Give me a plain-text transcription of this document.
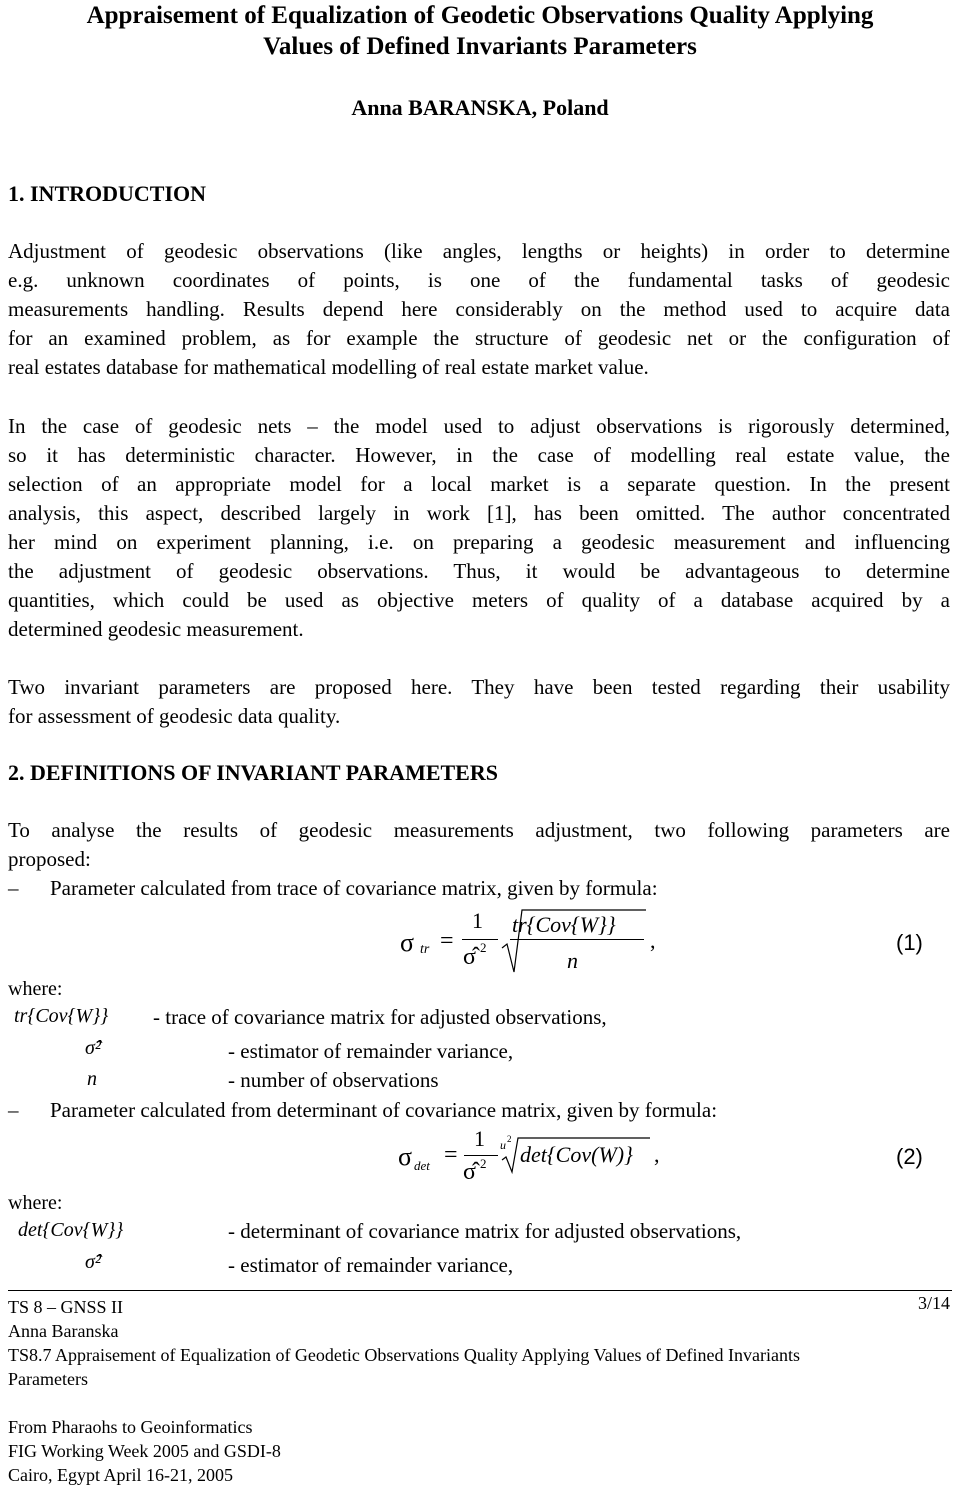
Appraisement of Equalization of Geodetic Observations Quality Applying
Values of Defined Invariants Parameters
Anna BARANSKA, Poland
1. INTRODUCTION
Adjustment of geodesic observations (like angles, lengths or heights) in order to determine
e.g. unknown coordinates of points, is one of the fundamental tasks of geodesic
measurements handling. Results depend here considerably on the method used to acquire data
for an examined problem, as for example the structure of geodesic net or the configuration of
real estates database for mathematical modelling of real estate market value.
In the case of geodesic nets – the model used to adjust observations is rigorously determined,
so it has deterministic character. However, in the case of modelling real estate value, the
selection of an appropriate model for a local market is a separate question. In the present
analysis, this aspect, described largely in work [1], has been omitted. The author concentrated
her mind on experiment planning, i.e. on preparing a geodesic measurement and influencing
the adjustment of geodesic observations. Thus, it would be advantageous to determine
quantities, which could be used as objective meters of quality of a database acquired by a
determined geodesic measurement.
Two invariant parameters are proposed here. They have been tested regarding their usability
for assessment of geodesic data quality.
2. DEFINITIONS OF INVARIANT PARAMETERS
To analyse the results of geodesic measurements adjustment, two following parameters are
proposed:
– Parameter calculated from trace of covariance matrix, given by formula:
σ tr =
1
σ̂ 2
tr{Cov{W}}
n
,	(1)
where:
tr{Cov{W}} - trace of covariance matrix for adjusted observations,
σ̂²	- estimator of remainder variance,
n	- number of observations
– Parameter calculated from determinant of covariance matrix, given by formula:
σ det =
1
σ̂ 2
u 2
det{Cov(W)} ,	(2)
where:
det{Cov{W}}	- determinant of covariance matrix for adjusted observations,
σ̂²	- estimator of remainder variance,
3/14
TS 8 – GNSS II
Anna Baranska
TS8.7 Appraisement of Equalization of Geodetic Observations Quality Applying Values of Defined Invariants
Parameters
From Pharaohs to Geoinformatics
FIG Working Week 2005 and GSDI-8
Cairo, Egypt April 16-21, 2005
